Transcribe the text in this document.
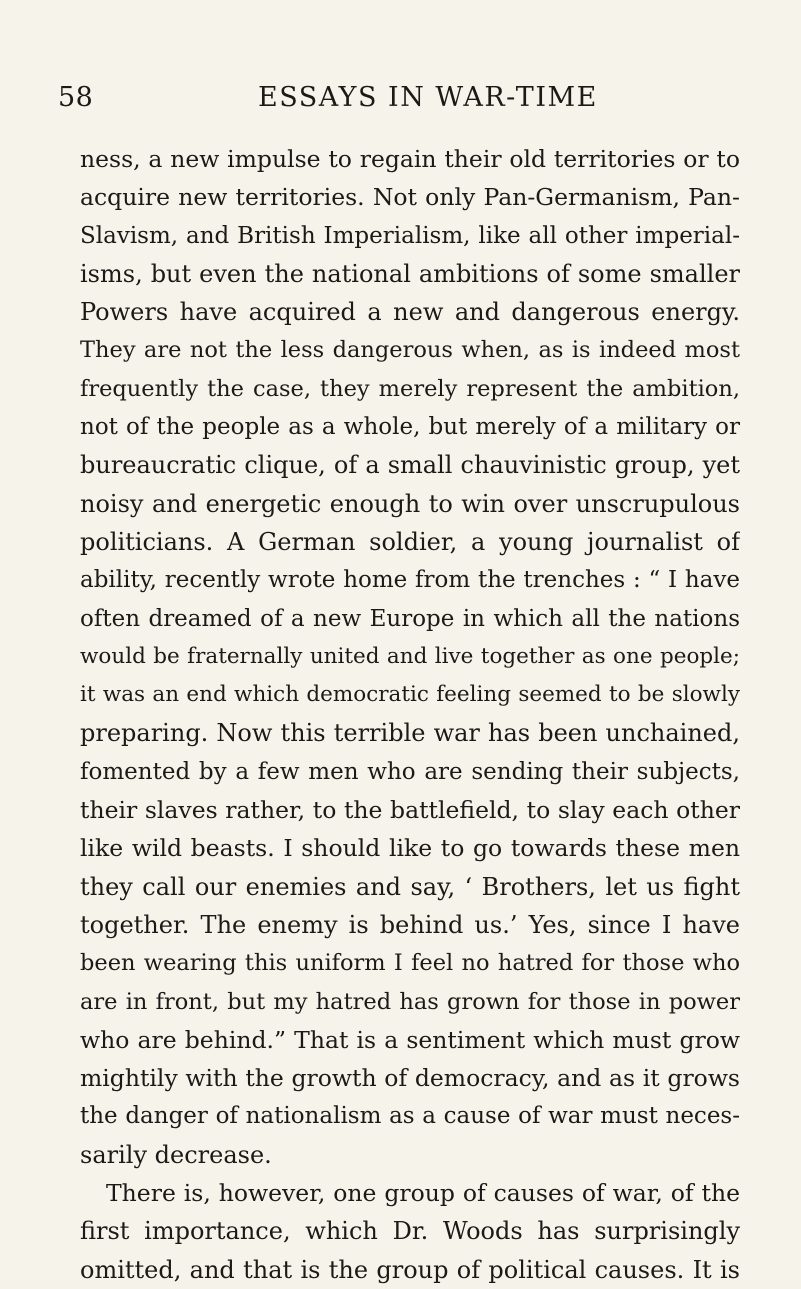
58	ESSAYS IN WAR-TIME
ness, a new impulse to regain their old territories or to
acquire new territories. Not only Pan-Germanism, Pan-
Slavism, and British Imperialism, like all other imperial-
isms, but even the national ambitions of some smaller
Powers have acquired a new and dangerous energy.
They are not the less dangerous when, as is indeed most
frequently the case, they merely represent the ambition,
not of the people as a whole, but merely of a military or
bureaucratic clique, of a small chauvinistic group, yet
noisy and energetic enough to win over unscrupulous
politicians. A German soldier, a young journalist of
ability, recently wrote home from the trenches : “ I have
often dreamed of a new Europe in which all the nations
would be fraternally united and live together as one people;
it was an end which democratic feeling seemed to be slowly
preparing. Now this terrible war has been unchained,
fomented by a few men who are sending their subjects,
their slaves rather, to the battlefield, to slay each other
like wild beasts. I should like to go towards these men
they call our enemies and say, ‘ Brothers, let us fight
together. The enemy is behind us.’ Yes, since I have
been wearing this uniform I feel no hatred for those who
are in front, but my hatred has grown for those in power
who are behind.” That is a sentiment which must grow
mightily with the growth of democracy, and as it grows
the danger of nationalism as a cause of war must neces-
sarily decrease.
There is, however, one group of causes of war, of the
first importance, which Dr. Woods has surprisingly
omitted, and that is the group of political causes. It is
